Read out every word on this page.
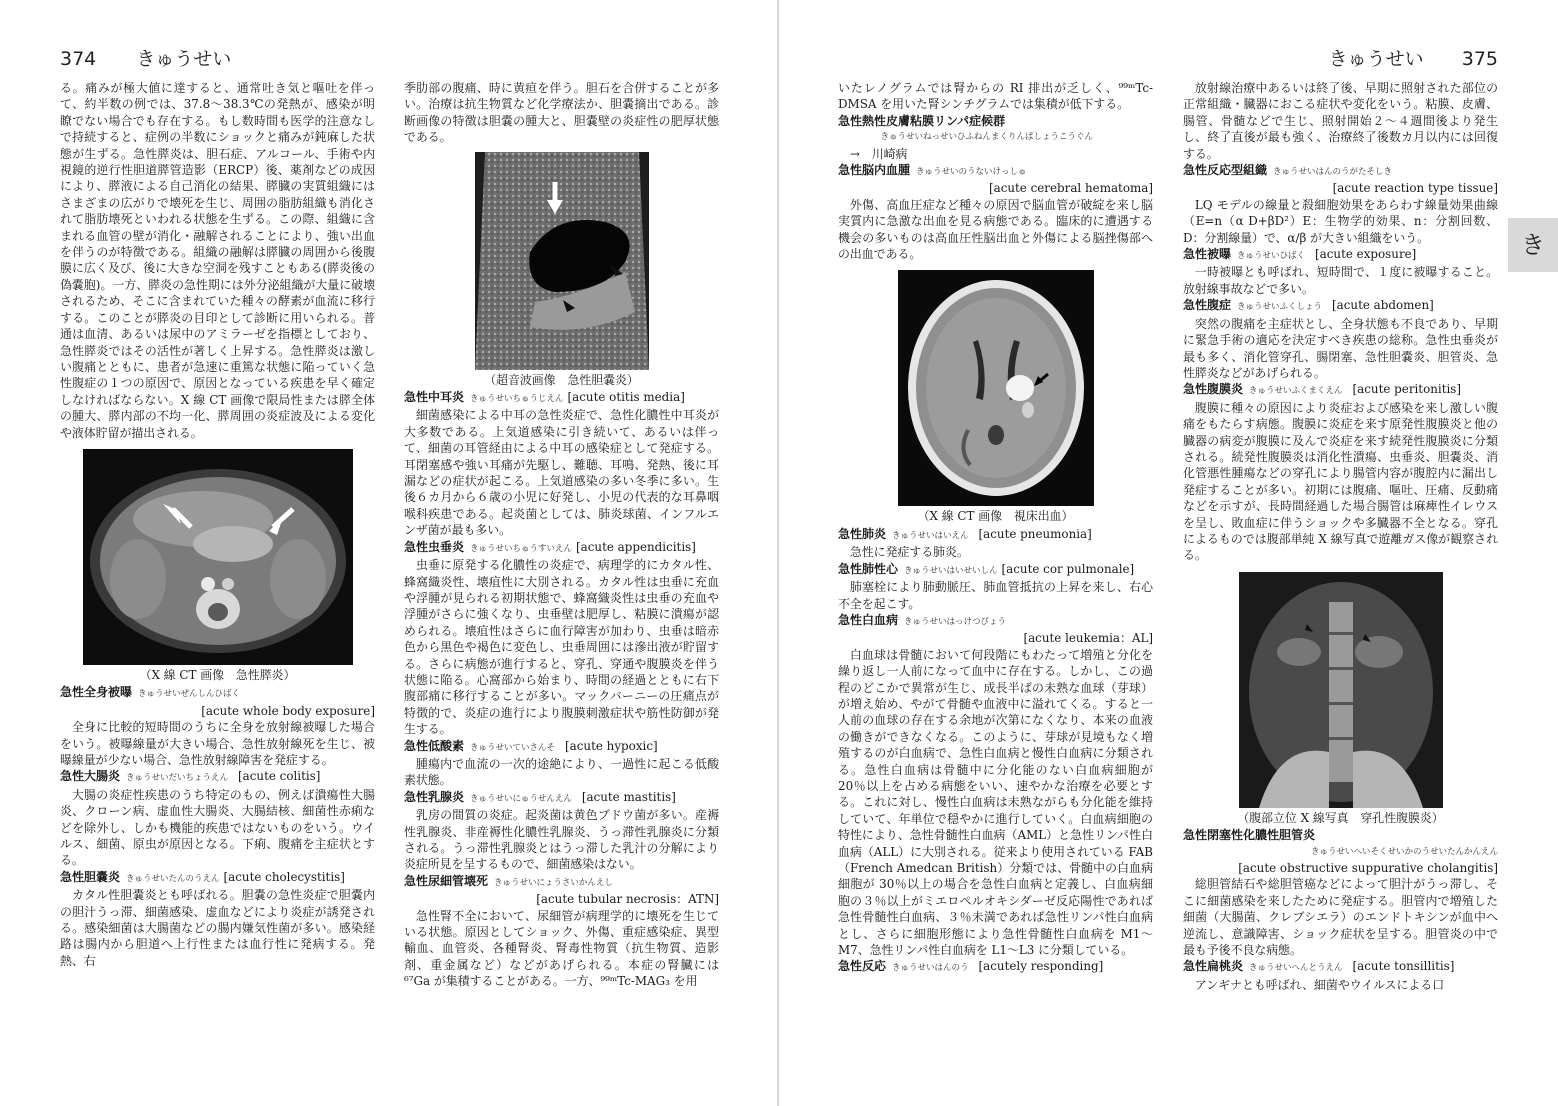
374 きゅうせい

る。痛みが極大値に達すると、通常吐き気と嘔吐を伴って、約半数の例では、37.8～38.3℃の発熱が、感染が明瞭でない場合でも存在する。もし数時間も医学的注意なしで持続すると、症例の半数にショックと痛みが鈍麻した状態が生ずる。急性膵炎は、胆石症、アルコール、手術や内視鏡的逆行性胆道膵管造影（ERCP）後、薬剤などの成因により、膵液による自己消化の結果、膵臓の実質組織にはさまざまの広がりで壊死を生じ、周囲の脂肪組織も消化されて脂肪壊死といわれる状態を生ずる。この際、組織に含まれる血管の壁が消化・融解されることにより、強い出血を伴うのが特徴である。組織の融解は膵臓の周囲から後腹膜に広く及び、後に大きな空洞を残すこともある(膵炎後の偽嚢胞)。一方、膵炎の急性期には外分泌組織が大量に破壊されるため、そこに含まれていた種々の酵素が血流に移行する。このことが膵炎の目印として診断に用いられる。普通は血清、あるいは尿中のアミラーゼを指標としており、急性膵炎ではその活性が著しく上昇する。急性膵炎は激しい腹痛とともに、患者が急速に重篤な状態に陥っていく急性腹症の１つの原因で、原因となっている疾患を早く確定しなければならない。X 線 CT 画像で限局性または膵全体の腫大、膵内部の不均一化、膵周囲の炎症波及による変化や液体貯留が描出される。

（X 線 CT 画像　急性膵炎）
急性全身被曝 きゅうせいぜんしんひばく
[acute whole body exposure]

全身に比較的短時間のうちに全身を放射線被曝した場合をいう。被曝線量が大きい場合、急性放射線死を生じ、被曝線量が少ない場合、急性放射線障害を発症する。

急性大腸炎 きゅうせいだいちょうえん [acute colitis]

大腸の炎症性疾患のうち特定のもの、例えば潰瘍性大腸炎、クローン病、虚血性大腸炎、大腸結核、細菌性赤痢などを除外し、しかも機能的疾患ではないものをいう。ウイルス、細菌、原虫が原因となる。下痢、腹痛を主症状とする。

急性胆嚢炎 きゅうせいたんのうえん [acute cholecystitis]

カタル性胆嚢炎とも呼ばれる。胆嚢の急性炎症で胆嚢内の胆汁うっ滞、細菌感染、虚血などにより炎症が誘発される。感染細菌は大腸菌などの腸内嫌気性菌が多い。感染経路は腸内から胆道へ上行性または血行性に発病する。発熱、右

季肋部の腹痛、時に黄疸を伴う。胆石を合併することが多い。治療は抗生物質など化学療法か、胆嚢摘出である。診断画像の特徴は胆嚢の腫大と、胆嚢壁の炎症性の肥厚状態である。

（超音波画像　急性胆嚢炎）
急性中耳炎 きゅうせいちゅうじえん [acute otitis media]

細菌感染による中耳の急性炎症で、急性化膿性中耳炎が大多数である。上気道感染に引き続いて、あるいは伴って、細菌の耳管経由による中耳の感染症として発症する。耳閉塞感や強い耳痛が先駆し、難聴、耳鳴、発熱、後に耳漏などの症状が起こる。上気道感染の多い冬季に多い。生後６カ月から６歳の小児に好発し、小児の代表的な耳鼻咽喉科疾患である。起炎菌としては、肺炎球菌、インフルエンザ菌が最も多い。

急性虫垂炎 きゅうせいちゅうすいえん [acute appendicitis]

虫垂に原発する化膿性の炎症で、病理学的にカタル性、蜂窩織炎性、壊疽性に大別される。カタル性は虫垂に充血や浮腫が見られる初期状態で、蜂窩織炎性は虫垂の充血や浮腫がさらに強くなり、虫垂壁は肥厚し、粘膜に潰瘍が認められる。壊疽性はさらに血行障害が加わり、虫垂は暗赤色から黒色や褐色に変色し、虫垂周囲には滲出液が貯留する。さらに病態が進行すると、穿孔、穿通や腹膜炎を伴う状態に陥る。心窩部から始まり、時間の経過とともに右下腹部痛に移行することが多い。マックバーニーの圧痛点が特徴的で、炎症の進行により腹膜刺激症状や筋性防御が発生する。

急性低酸素 きゅうせいていさんそ [acute hypoxic]

腫瘍内で血流の一次的途絶により、一過性に起こる低酸素状態。

急性乳腺炎 きゅうせいにゅうせんえん [acute mastitis]

乳房の間質の炎症。起炎菌は黄色ブドウ菌が多い。産褥性乳腺炎、非産褥性化膿性乳腺炎、うっ滞性乳腺炎に分類される。うっ滞性乳腺炎とはうっ滞した乳汁の分解により炎症所見を呈するもので、細菌感染はない。

急性尿細管壊死 きゅうせいにょうさいかんえし
[acute tubular necrosis：ATN]

急性腎不全において、尿細管が病理学的に壊死を生じている状態。原因としてショック、外傷、重症感染症、異型輸血、血管炎、各種腎炎、腎毒性物質（抗生物質、造影剤、重金属など）などがあげられる。本症の腎臓には ⁶⁷Ga が集積することがある。一方、⁹⁹ᵐTc-MAG₃ を用

きゅうせい 375
き

いたレノグラムでは腎からの RI 排出が乏しく、⁹⁹ᵐTc-DMSA を用いた腎シンチグラムでは集積が低下する。

急性熱性皮膚粘膜リンパ症候群
きゅうせいねっせいひふねんまくりんぱしょうこうぐん

→　川崎病

急性脳内血腫 きゅうせいのうないけっしゅ
[acute cerebral hematoma]

外傷、高血圧症など種々の原因で脳血管が破綻を来し脳実質内に急激な出血を見る病態である。臨床的に遭遇する機会の多いものは高血圧性脳出血と外傷による脳挫傷部への出血である。

（X 線 CT 画像　視床出血）
急性肺炎 きゅうせいはいえん [acute pneumonia]

急性に発症する肺炎。

急性肺性心 きゅうせいはいせいしん [acute cor pulmonale]

肺塞栓により肺動脈圧、肺血管抵抗の上昇を来し、右心不全を起こす。

急性白血病 きゅうせいはっけつびょう
[acute leukemia：AL]

白血球は骨髄において何段階にもわたって増殖と分化を繰り返し一人前になって血中に存在する。しかし、この過程のどこかで異常が生じ、成長半ばの未熟な血球（芽球）が増え始め、やがて骨髄や血液中に溢れてくる。すると一人前の血球の存在する余地が次第になくなり、本来の血液の働きができなくなる。このように、芽球が見境もなく増殖するのが白血病で、急性白血病と慢性白血病に分類される。急性白血病は骨髄中に分化能のない白血病細胞が 20％以上を占める病態をいい、速やかな治療を必要とする。これに対し、慢性白血病は未熟ながらも分化能を維持していて、年単位で穏やかに進行していく。白血病細胞の特性により、急性骨髄性白血病（AML）と急性リンパ性白血病（ALL）に大別される。従来より使用されている FAB（French Amedcan British）分類では、骨髄中の白血病細胞が 30％以上の場合を急性白血病と定義し、白血病細胞の３％以上がミエロペルオキシダーゼ反応陽性であれば急性骨髄性白血病、３％未満であれば急性リンパ性白血病とし、さらに細胞形態により急性骨髄性白血病を M1～M7、急性リンパ性白血病を L1～L3 に分類している。

急性反応 きゅうせいはんのう [acutely responding]

放射線治療中あるいは終了後、早期に照射された部位の正常組織・臓器におこる症状や変化をいう。粘膜、皮膚、腸管、骨髄などで生じ、照射開始２～４週間後より発生し、終了直後が最も強く、治療終了後数カ月以内には回復する。

急性反応型組織 きゅうせいはんのうがたそしき
[acute reaction type tissue]

LQ モデルの線量と殺細胞効果をあらわす線量効果曲線（E=n（α D+βD²）E：生物学的効果、n：分割回数、D：分割線量）で、α/β が大きい組織をいう。

急性被曝 きゅうせいひばく [acute exposure]

一時被曝とも呼ばれ、短時間で、１度に被曝すること。放射線事故などで多い。

急性腹症 きゅうせいふくしょう [acute abdomen]

突然の腹痛を主症状とし、全身状態も不良であり、早期に緊急手術の適応を決定すべき疾患の総称。急性虫垂炎が最も多く、消化管穿孔、腸閉塞、急性胆嚢炎、胆管炎、急性膵炎などがあげられる。

急性腹膜炎 きゅうせいふくまくえん [acute peritonitis]

腹膜に種々の原因により炎症および感染を来し激しい腹痛をもたらす病態。腹膜に炎症を来す原発性腹膜炎と他の臓器の病変が腹膜に及んで炎症を来す続発性腹膜炎に分類される。続発性腹膜炎は消化性潰瘍、虫垂炎、胆嚢炎、消化管悪性腫瘍などの穿孔により腸管内容が腹腔内に漏出し発症することが多い。初期には腹痛、嘔吐、圧痛、反動痛などを示すが、長時間経過した場合腸管は麻痺性イレウスを呈し、敗血症に伴うショックや多臓器不全となる。穿孔によるものでは腹部単純 X 線写真で遊離ガス像が観察される。

（腹部立位 X 線写真　穿孔性腹膜炎）
急性閉塞性化膿性胆管炎
きゅうせいへいそくせいかのうせいたんかんえん
[acute obstructive suppurative cholangitis]

総胆管結石や総胆管癌などによって胆汁がうっ滞し、そこに細菌感染を来したために発症する。胆管内で増殖した細菌（大腸菌、クレブシエラ）のエンドトキシンが血中へ逆流し、意識障害、ショック症状を呈する。胆管炎の中で最も予後不良な病態。

急性扁桃炎 きゅうせいへんとうえん [acute tonsillitis]

アンギナとも呼ばれ、細菌やウイルスによる口
